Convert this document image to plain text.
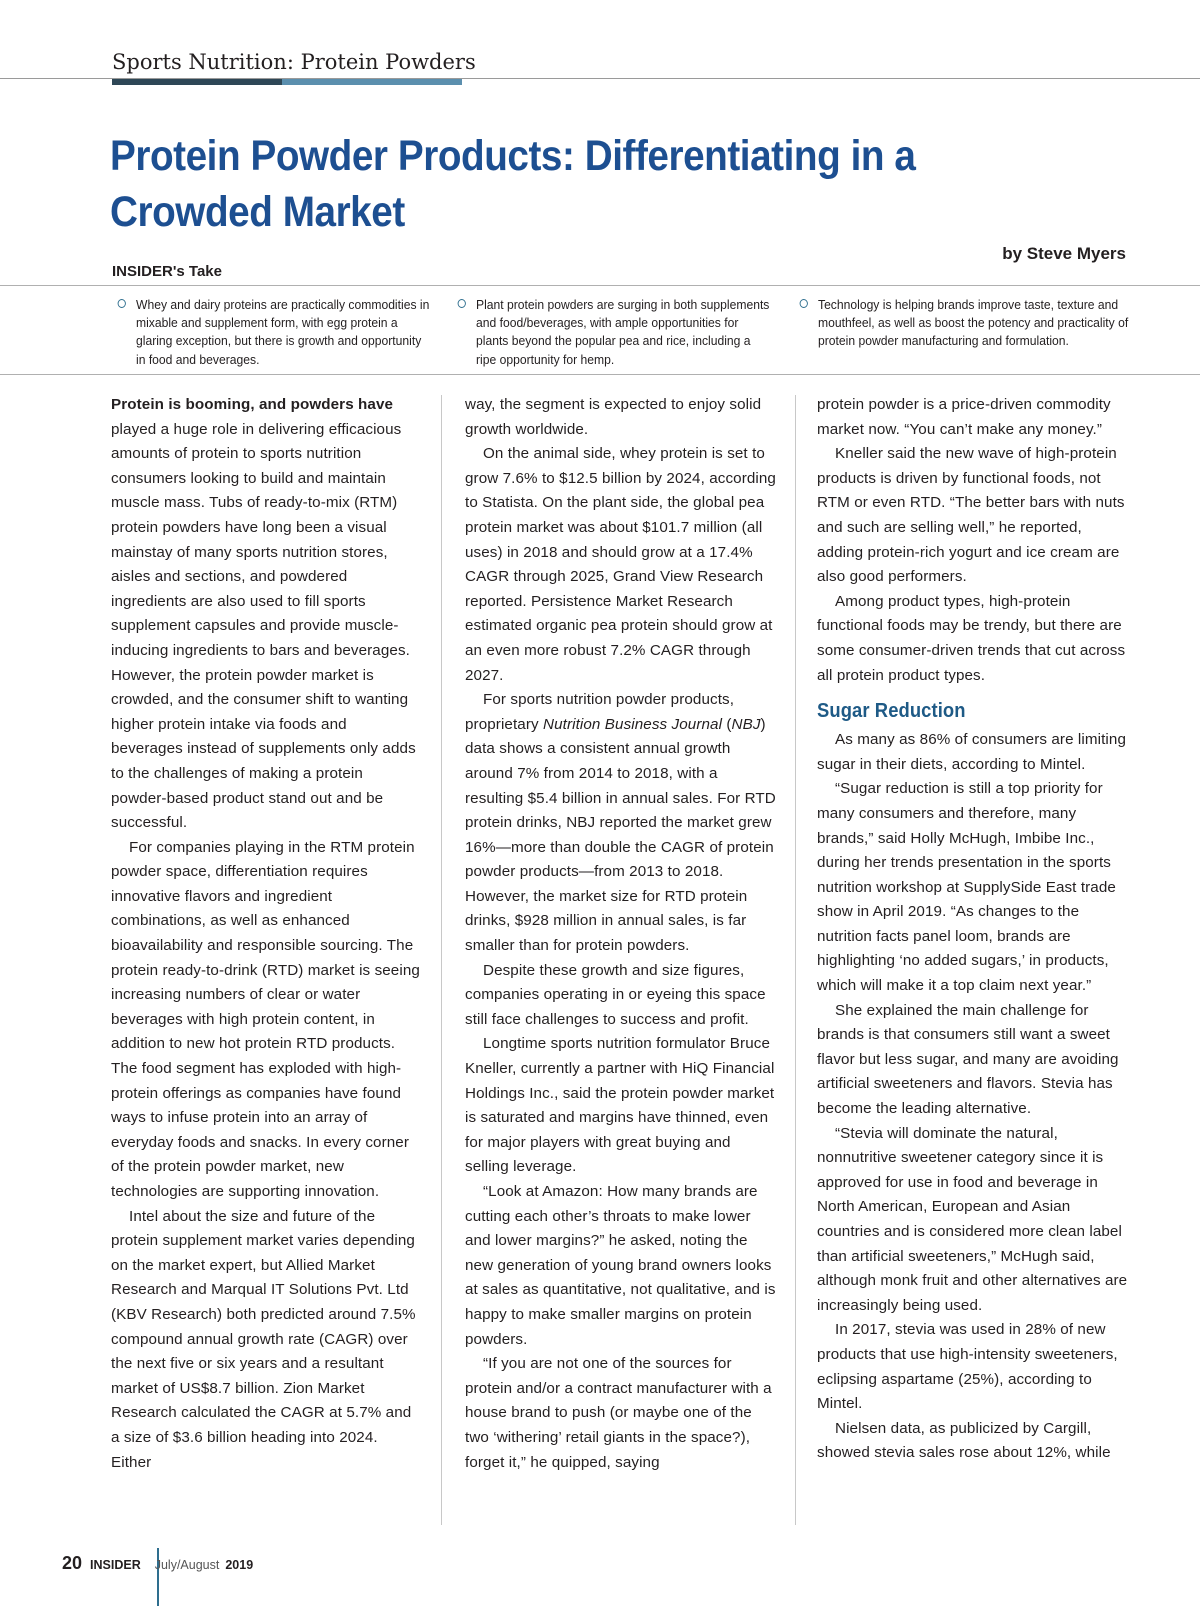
Sports Nutrition: Protein Powders
Protein Powder Products: Differentiating in a Crowded Market
by Steve Myers
INSIDER's Take
Whey and dairy proteins are practically commodities in mixable and supplement form, with egg protein a glaring exception, but there is growth and opportunity in food and beverages.
Plant protein powders are surging in both supplements and food/beverages, with ample opportunities for plants beyond the popular pea and rice, including a ripe opportunity for hemp.
Technology is helping brands improve taste, texture and mouthfeel, as well as boost the potency and practicality of protein powder manufacturing and formulation.

Protein is booming, and powders have played a huge role in delivering efficacious amounts of protein to sports nutrition consumers looking to build and maintain muscle mass. Tubs of ready-to-mix (RTM) protein powders have long been a visual mainstay of many sports nutrition stores, aisles and sections, and powdered ingredients are also used to fill sports supplement capsules and provide muscle-inducing ingredients to bars and beverages. However, the protein powder market is crowded, and the consumer shift to wanting higher protein intake via foods and beverages instead of supplements only adds to the challenges of making a protein powder-based product stand out and be successful.

For companies playing in the RTM protein powder space, differentiation requires innovative flavors and ingredient combinations, as well as enhanced bioavailability and responsible sourcing. The protein ready-to-drink (RTD) market is seeing increasing numbers of clear or water beverages with high protein content, in addition to new hot protein RTD products. The food segment has exploded with high-protein offerings as companies have found ways to infuse protein into an array of everyday foods and snacks. In every corner of the protein powder market, new technologies are supporting innovation.

Intel about the size and future of the protein supplement market varies depending on the market expert, but Allied Market Research and Marqual IT Solutions Pvt. Ltd (KBV Research) both predicted around 7.5% compound annual growth rate (CAGR) over the next five or six years and a resultant market of US$8.7 billion. Zion Market Research calculated the CAGR at 5.7% and a size of $3.6 billion heading into 2024. Either

way, the segment is expected to enjoy solid growth worldwide.

On the animal side, whey protein is set to grow 7.6% to $12.5 billion by 2024, according to Statista. On the plant side, the global pea protein market was about $101.7 million (all uses) in 2018 and should grow at a 17.4% CAGR through 2025, Grand View Research reported. Persistence Market Research estimated organic pea protein should grow at an even more robust 7.2% CAGR through 2027.

For sports nutrition powder products, proprietary Nutrition Business Journal (NBJ) data shows a consistent annual growth around 7% from 2014 to 2018, with a resulting $5.4 billion in annual sales. For RTD protein drinks, NBJ reported the market grew 16%—more than double the CAGR of protein powder products—from 2013 to 2018. However, the market size for RTD protein drinks, $928 million in annual sales, is far smaller than for protein powders.

Despite these growth and size figures, companies operating in or eyeing this space still face challenges to success and profit.

Longtime sports nutrition formulator Bruce Kneller, currently a partner with HiQ Financial Holdings Inc., said the protein powder market is saturated and margins have thinned, even for major players with great buying and selling leverage.

“Look at Amazon: How many brands are cutting each other’s throats to make lower and lower margins?” he asked, noting the new generation of young brand owners looks at sales as quantitative, not qualitative, and is happy to make smaller margins on protein powders.

“If you are not one of the sources for protein and/or a contract manufacturer with a house brand to push (or maybe one of the two ‘withering’ retail giants in the space?), forget it,” he quipped, saying

protein powder is a price-driven commodity market now. “You can’t make any money.”

Kneller said the new wave of high-protein products is driven by functional foods, not RTM or even RTD. “The better bars with nuts and such are selling well,” he reported, adding protein-rich yogurt and ice cream are also good performers.

Among product types, high-protein functional foods may be trendy, but there are some consumer-driven trends that cut across all protein product types.

Sugar Reduction

As many as 86% of consumers are limiting sugar in their diets, according to Mintel.

“Sugar reduction is still a top priority for many consumers and therefore, many brands,” said Holly McHugh, Imbibe Inc., during her trends presentation in the sports nutrition workshop at SupplySide East trade show in April 2019. “As changes to the nutrition facts panel loom, brands are highlighting ‘no added sugars,’ in products, which will make it a top claim next year.”

She explained the main challenge for brands is that consumers still want a sweet flavor but less sugar, and many are avoiding artificial sweeteners and flavors. Stevia has become the leading alternative.

“Stevia will dominate the natural, nonnutritive sweetener category since it is approved for use in food and beverage in North American, European and Asian countries and is considered more clean label than artificial sweeteners,” McHugh said, although monk fruit and other alternatives are increasingly being used.

In 2017, stevia was used in 28% of new products that use high-intensity sweeteners, eclipsing aspartame (25%), according to Mintel.

Nielsen data, as publicized by Cargill, showed stevia sales rose about 12%, while

20 INSIDER July/August 2019
